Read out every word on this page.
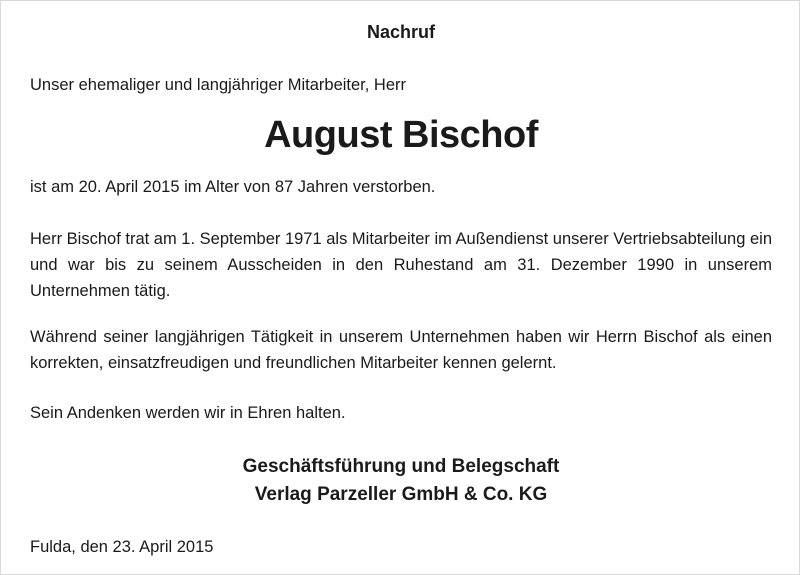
Nachruf
Unser ehemaliger und langjähriger Mitarbeiter, Herr
August Bischof
ist am 20. April 2015 im Alter von 87 Jahren verstorben.
Herr Bischof trat am 1. September 1971 als Mitarbeiter im Außendienst unserer Vertriebsabteilung ein und war bis zu seinem Ausscheiden in den Ruhestand am 31. Dezember 1990 in unserem Unternehmen tätig.
Während seiner langjährigen Tätigkeit in unserem Unternehmen haben wir Herrn Bischof als einen korrekten, einsatzfreudigen und freundlichen Mitarbeiter kennen gelernt.
Sein Andenken werden wir in Ehren halten.
Geschäftsführung und Belegschaft
Verlag Parzeller GmbH & Co. KG
Fulda, den 23. April 2015
